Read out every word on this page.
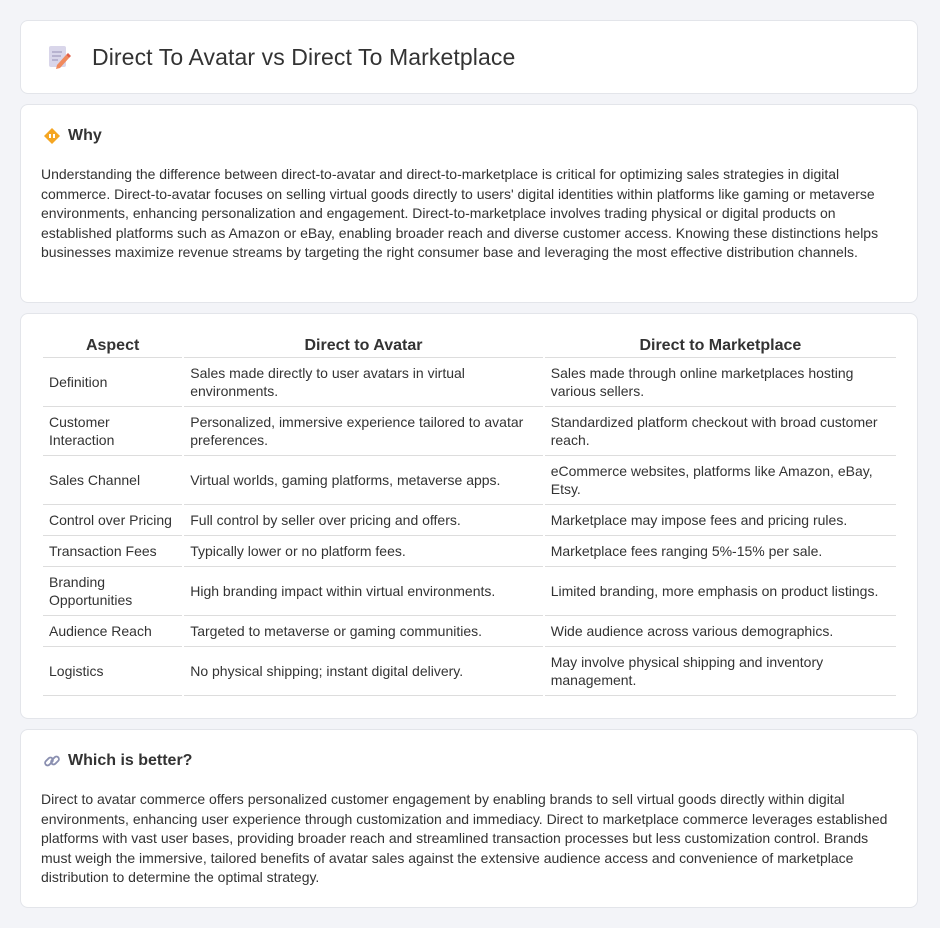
Direct To Avatar vs Direct To Marketplace
Why

Understanding the difference between direct-to-avatar and direct-to-marketplace is critical for optimizing sales strategies in digital commerce. Direct-to-avatar focuses on selling virtual goods directly to users' digital identities within platforms like gaming or metaverse environments, enhancing personalization and engagement. Direct-to-marketplace involves trading physical or digital products on established platforms such as Amazon or eBay, enabling broader reach and diverse customer access. Knowing these distinctions helps businesses maximize revenue streams by targeting the right consumer base and leveraging the most effective distribution channels.

Aspect	Direct to Avatar	Direct to Marketplace
Definition	Sales made directly to user avatars in virtual environments.	Sales made through online marketplaces hosting various sellers.
Customer Interaction	Personalized, immersive experience tailored to avatar preferences.	Standardized platform checkout with broad customer reach.
Sales Channel	Virtual worlds, gaming platforms, metaverse apps.	eCommerce websites, platforms like Amazon, eBay, Etsy.
Control over Pricing	Full control by seller over pricing and offers.	Marketplace may impose fees and pricing rules.
Transaction Fees	Typically lower or no platform fees.	Marketplace fees ranging 5%-15% per sale.
Branding Opportunities	High branding impact within virtual environments.	Limited branding, more emphasis on product listings.
Audience Reach	Targeted to metaverse or gaming communities.	Wide audience across various demographics.
Logistics	No physical shipping; instant digital delivery.	May involve physical shipping and inventory management.
Which is better?

Direct to avatar commerce offers personalized customer engagement by enabling brands to sell virtual goods directly within digital environments, enhancing user experience through customization and immediacy. Direct to marketplace commerce leverages established platforms with vast user bases, providing broader reach and streamlined transaction processes but less customization control. Brands must weigh the immersive, tailored benefits of avatar sales against the extensive audience access and convenience of marketplace distribution to determine the optimal strategy.
